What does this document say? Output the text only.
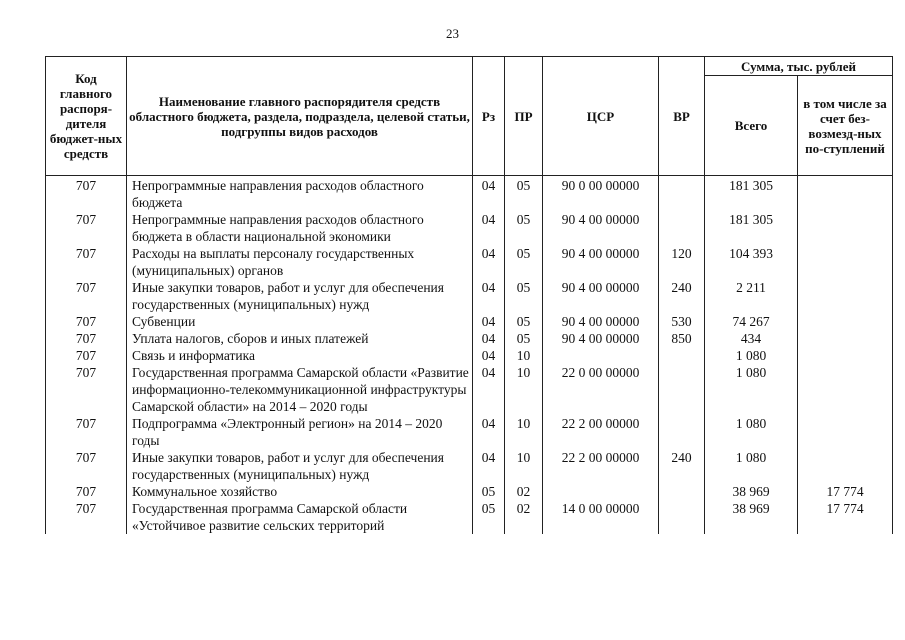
23
Код главного распоря-дителя бюджет-ных средств	Наименование главного распорядителя средств областного бюджета, раздела, подраздела, целевой статьи, подгруппы видов расходов	Рз	ПР	ЦСР	ВР	Сумма, тыс. рублей	
						Всего	в том числе за счет без-возмезд-ных по-ступлений
707	Непрограммные направления расходов областного бюджета	04	05	90 0 00 00000		181 305	
707	Непрограммные направления расходов областного бюджета в области национальной экономики	04	05	90 4 00 00000		181 305	
707	Расходы на выплаты персоналу государственных (муниципальных) органов	04	05	90 4 00 00000	120	104 393	
707	Иные закупки товаров, работ и услуг для обеспечения государственных (муниципальных) нужд	04	05	90 4 00 00000	240	2 211	
707	Субвенции	04	05	90 4 00 00000	530	74 267	
707	Уплата налогов, сборов и иных платежей	04	05	90 4 00 00000	850	434	
707	Связь и информатика	04	10			1 080	
707	Государственная программа Самарской области «Развитие информационно-телекоммуникационной инфраструктуры Самарской области» на 2014 – 2020 годы	04	10	22 0 00 00000		1 080	
707	Подпрограмма «Электронный регион» на 2014 – 2020 годы	04	10	22 2 00 00000		1 080	
707	Иные закупки товаров, работ и услуг для обеспечения государственных (муниципальных) нужд	04	10	22 2 00 00000	240	1 080	
707	Коммунальное хозяйство	05	02			38 969	17 774
707	Государственная программа Самарской области «Устойчивое развитие сельских территорий	05	02	14 0 00 00000		38 969	17 774
